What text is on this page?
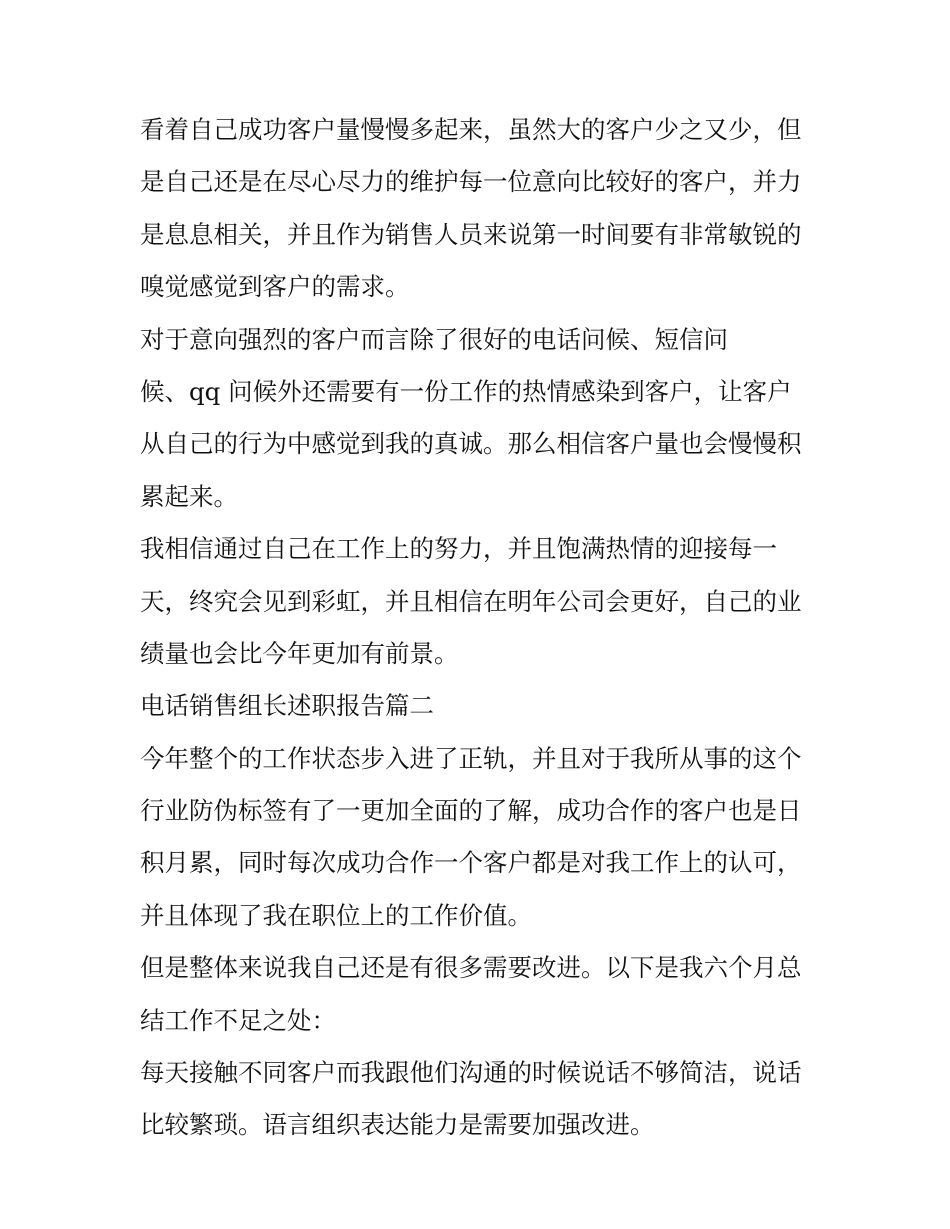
看着自己成功客户量慢慢多起来，虽然大的客户少之又少，但
是自己还是在尽心尽力的维护每一位意向比较好的客户，并力
是息息相关，并且作为销售人员来说第一时间要有非常敏锐的
嗅觉感觉到客户的需求。
对于意向强烈的客户而言除了很好的电话问候、短信问
候、qq 问候外还需要有一份工作的热情感染到客户，让客户
从自己的行为中感觉到我的真诚。那么相信客户量也会慢慢积
累起来。
我相信通过自己在工作上的努力，并且饱满热情的迎接每一
天，终究会见到彩虹，并且相信在明年公司会更好，自己的业
绩量也会比今年更加有前景。
电话销售组长述职报告篇二
今年整个的工作状态步入进了正轨，并且对于我所从事的这个
行业防伪标签有了一更加全面的了解，成功合作的客户也是日
积月累，同时每次成功合作一个客户都是对我工作上的认可，
并且体现了我在职位上的工作价值。
但是整体来说我自己还是有很多需要改进。以下是我六个月总
结工作不足之处：
每天接触不同客户而我跟他们沟通的时候说话不够简洁，说话
比较繁琐。语言组织表达能力是需要加强改进。
